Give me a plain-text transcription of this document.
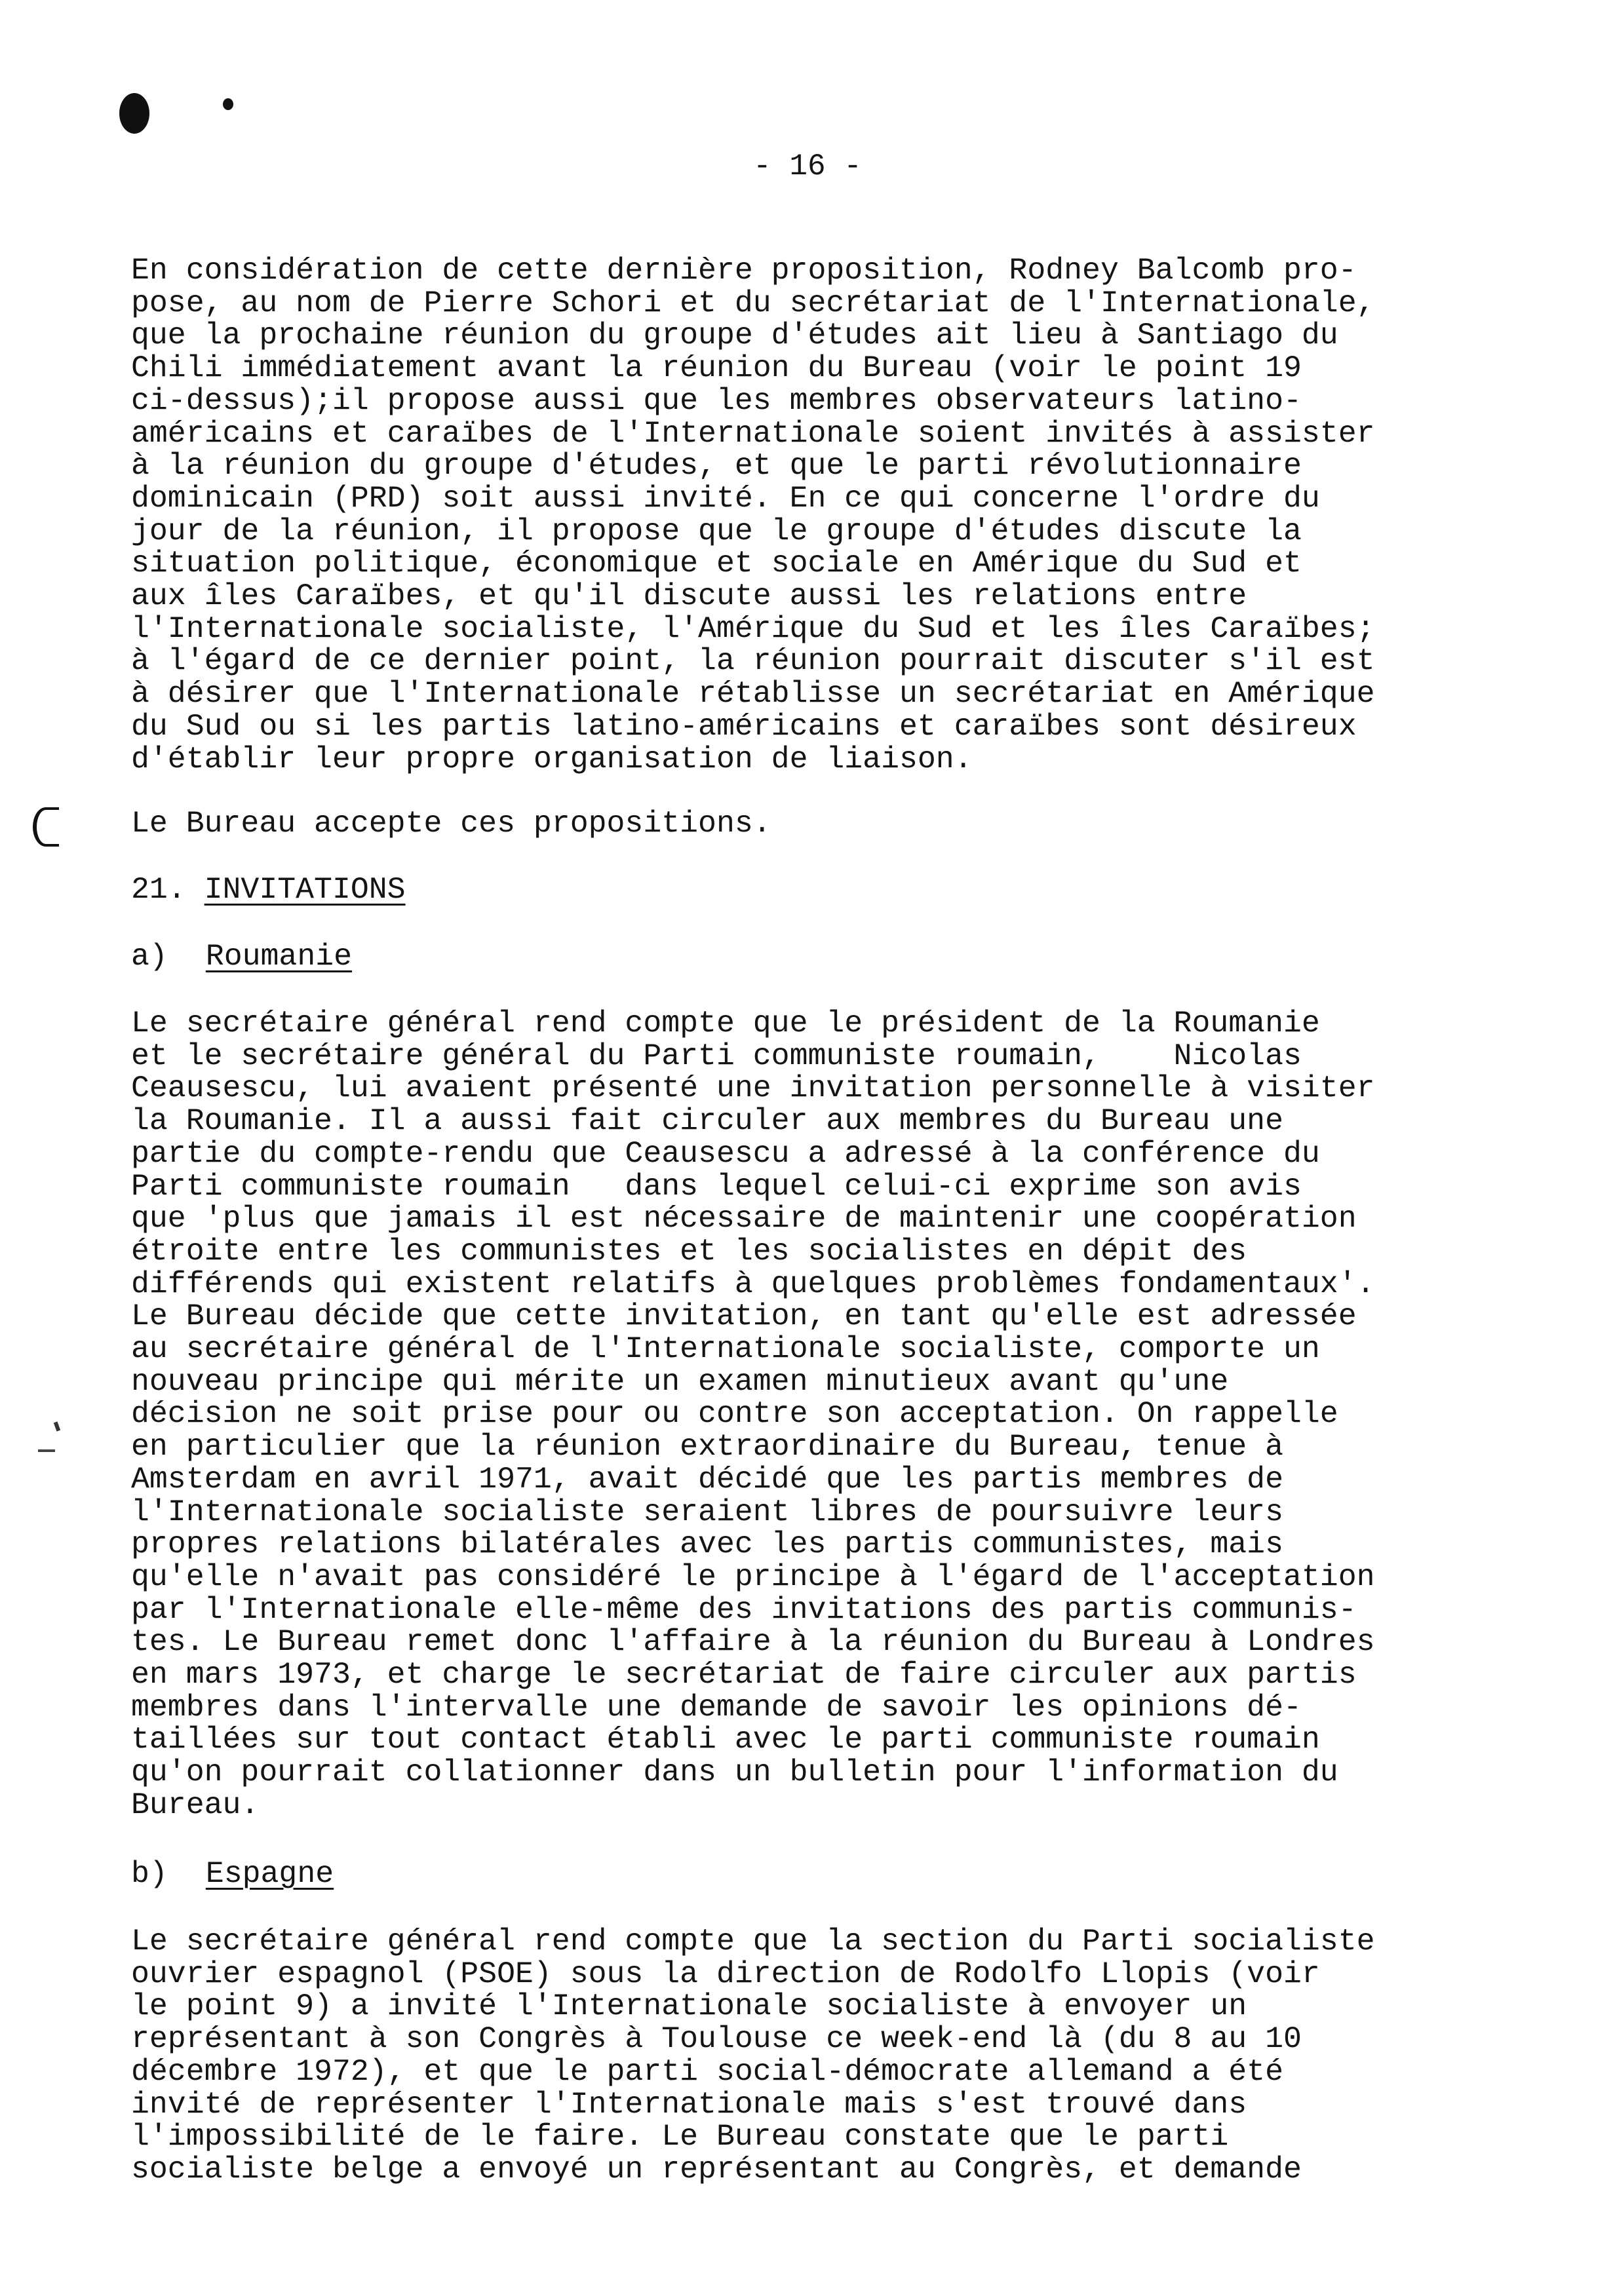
- 16 -

En considération de cette dernière proposition, Rodney Balcomb pro-
pose, au nom de Pierre Schori et du secrétariat de l'Internationale,
que la prochaine réunion du groupe d'études ait lieu à Santiago du
Chili immédiatement avant la réunion du Bureau (voir le point 19
ci-dessus);il propose aussi que les membres observateurs latino-
américains et caraïbes de l'Internationale soient invités à assister
à la réunion du groupe d'études, et que le parti révolutionnaire
dominicain (PRD) soit aussi invité. En ce qui concerne l'ordre du
jour de la réunion, il propose que le groupe d'études discute la
situation politique, économique et sociale en Amérique du Sud et
aux îles Caraïbes, et qu'il discute aussi les relations entre
l'Internationale socialiste, l'Amérique du Sud et les îles Caraïbes;
à l'égard de ce dernier point, la réunion pourrait discuter s'il est
à désirer que l'Internationale rétablisse un secrétariat en Amérique
du Sud ou si les partis latino-américains et caraïbes sont désireux
d'établir leur propre organisation de liaison.

Le Bureau accepte ces propositions.

21. INVITATIONS

a) Roumanie

Le secrétaire général rend compte que le président de la Roumanie
et le secrétaire général du Parti communiste roumain,    Nicolas
Ceausescu, lui avaient présenté une invitation personnelle à visiter
la Roumanie. Il a aussi fait circuler aux membres du Bureau une
partie du compte-rendu que Ceausescu a adressé à la conférence du
Parti communiste roumain   dans lequel celui-ci exprime son avis
que 'plus que jamais il est nécessaire de maintenir une coopération
étroite entre les communistes et les socialistes en dépit des
différends qui existent relatifs à quelques problèmes fondamentaux'.
Le Bureau décide que cette invitation, en tant qu'elle est adressée
au secrétaire général de l'Internationale socialiste, comporte un
nouveau principe qui mérite un examen minutieux avant qu'une
décision ne soit prise pour ou contre son acceptation. On rappelle
en particulier que la réunion extraordinaire du Bureau, tenue à
Amsterdam en avril 1971, avait décidé que les partis membres de
l'Internationale socialiste seraient libres de poursuivre leurs
propres relations bilatérales avec les partis communistes, mais
qu'elle n'avait pas considéré le principe à l'égard de l'acceptation
par l'Internationale elle-même des invitations des partis communis-
tes. Le Bureau remet donc l'affaire à la réunion du Bureau à Londres
en mars 1973, et charge le secrétariat de faire circuler aux partis
membres dans l'intervalle une demande de savoir les opinions dé-
taillées sur tout contact établi avec le parti communiste roumain
qu'on pourrait collationner dans un bulletin pour l'information du
Bureau.

b) Espagne

Le secrétaire général rend compte que la section du Parti socialiste
ouvrier espagnol (PSOE) sous la direction de Rodolfo Llopis (voir
le point 9) a invité l'Internationale socialiste à envoyer un
représentant à son Congrès à Toulouse ce week-end là (du 8 au 10
décembre 1972), et que le parti social-démocrate allemand a été
invité de représenter l'Internationale mais s'est trouvé dans
l'impossibilité de le faire. Le Bureau constate que le parti
socialiste belge a envoyé un représentant au Congrès, et demande
